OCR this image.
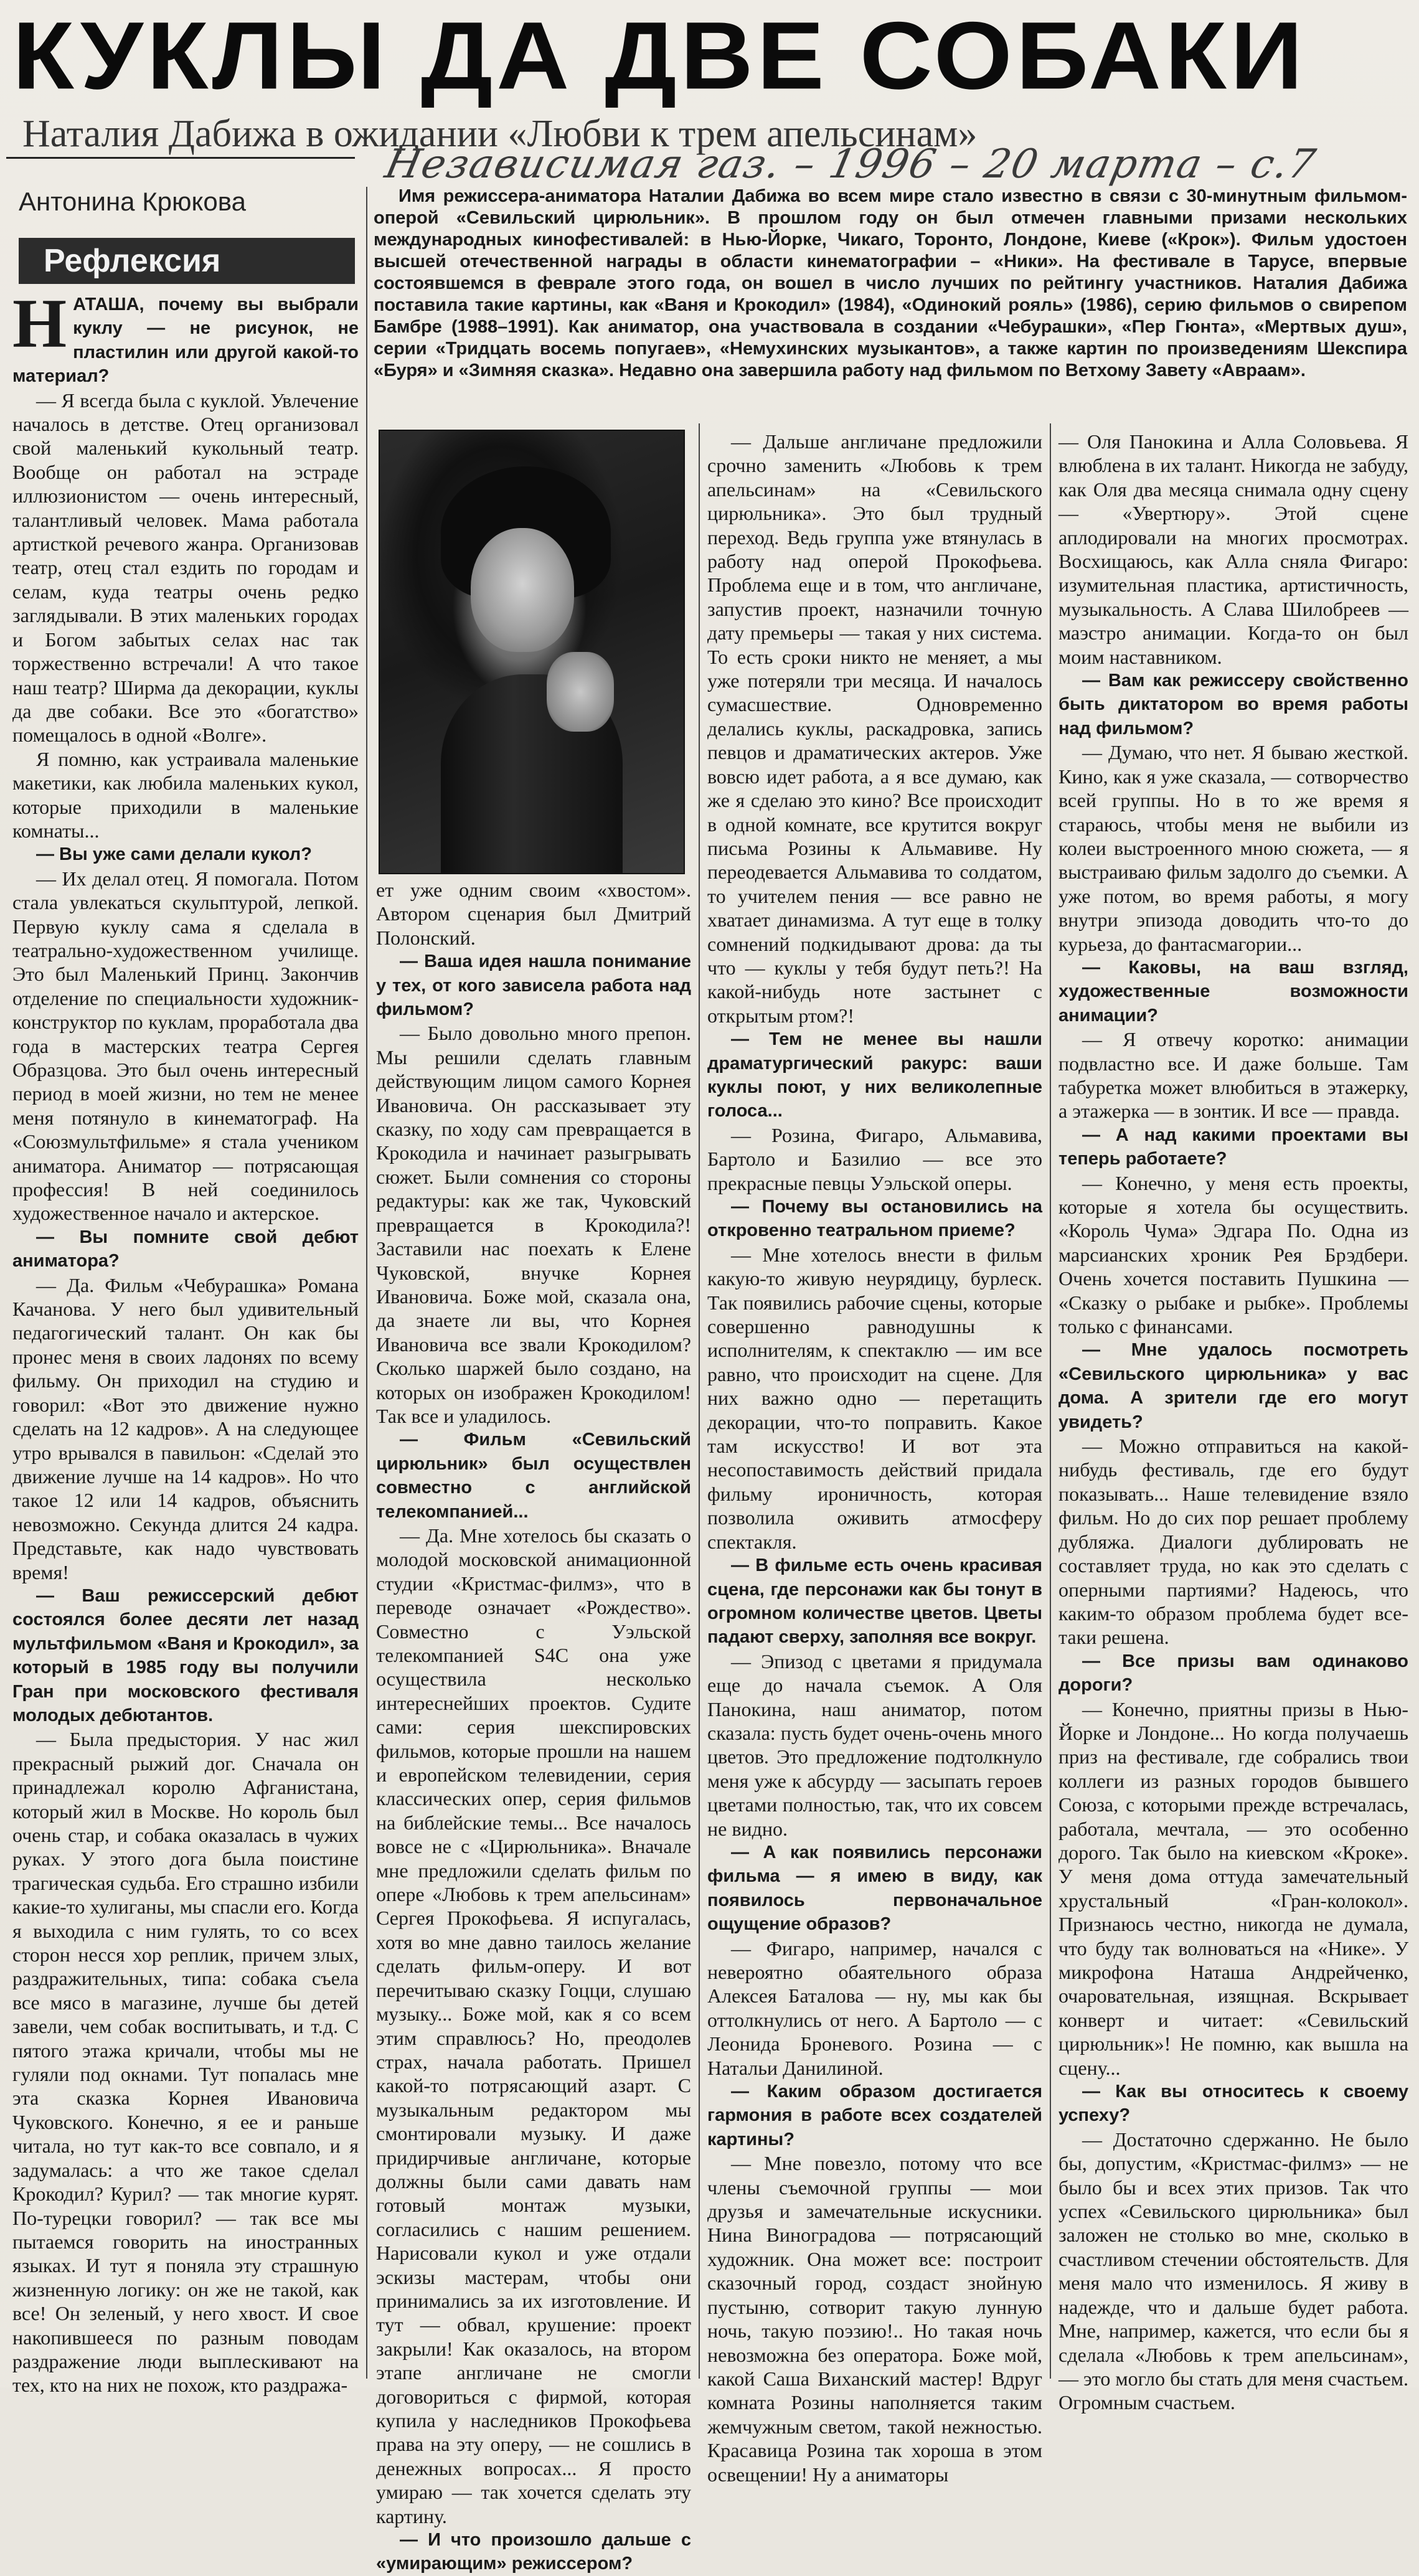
КУКЛЫ ДА ДВЕ СОБАКИ
Наталия Дабижа в ожидании «Любви к трем апельсинам»
Независимая газ. – 1996 – 20 марта – с.7
Антонина Крюкова
Рефлексия
Имя режиссера-аниматора Наталии Дабижа во всем мире стало известно в связи с 30-минутным фильмом-оперой «Севильский цирюльник». В прошлом году он был отмечен главными призами нескольких международных кинофестивалей: в Нью-Йорке, Чикаго, Торонто, Лондоне, Киеве («Крок»). Фильм удостоен высшей отечественной награды в области кинематографии – «Ники». На фестивале в Тарусе, впервые состоявшемся в феврале этого года, он вошел в число лучших по рейтингу участников. Наталия Дабижа поставила такие картины, как «Ваня и Крокодил» (1984), «Одинокий рояль» (1986), серию фильмов о свирепом Бамбре (1988–1991). Как аниматор, она участвовала в создании «Чебурашки», «Пер Гюнта», «Мертвых душ», серии «Тридцать восемь попугаев», «Немухинских музыкантов», а также картин по произведениям Шекспира «Буря» и «Зимняя сказка». Недавно она завершила работу над фильмом по Ветхому Завету «Авраам».

НАТАША, почему вы выбрали куклу — не рисунок, не пластилин или другой какой-то материал?

— Я всегда была с куклой. Увлечение началось в детстве. Отец организовал свой маленький кукольный театр. Вообще он работал на эстраде иллюзионистом — очень интересный, талантливый человек. Мама работала артисткой речевого жанра. Организовав театр, отец стал ездить по городам и селам, куда театры очень редко заглядывали. В этих маленьких городах и Богом забытых селах нас так торжественно встречали! А что такое наш театр? Ширма да декорации, куклы да две собаки. Все это «богатство» помещалось в одной «Волге».

Я помню, как устраивала маленькие макетики, как любила маленьких кукол, которые приходили в маленькие комнаты...

— Вы уже сами делали кукол?

— Их делал отец. Я помогала. Потом стала увлекаться скульптурой, лепкой. Первую куклу сама я сделала в театрально-художественном училище. Это был Маленький Принц. Закончив отделение по специальности художник-конструктор по куклам, проработала два года в мастерских театра Сергея Образцова. Это был очень интересный период в моей жизни, но тем не менее меня потянуло в кинематограф. На «Союзмультфильме» я стала учеником аниматора. Аниматор — потрясающая профессия! В ней соединилось художественное начало и актерское.

— Вы помните свой дебют аниматора?

— Да. Фильм «Чебурашка» Романа Качанова. У него был удивительный педагогический талант. Он как бы пронес меня в своих ладонях по всему фильму. Он приходил на студию и говорил: «Вот это движение нужно сделать на 12 кадров». А на следующее утро врывался в павильон: «Сделай это движение лучше на 14 кадров». Но что такое 12 или 14 кадров, объяснить невозможно. Секунда длится 24 кадра. Представьте, как надо чувствовать время!

— Ваш режиссерский дебют состоялся более десяти лет назад мультфильмом «Ваня и Крокодил», за который в 1985 году вы получили Гран при московского фестиваля молодых дебютантов.

— Была предыстория. У нас жил прекрасный рыжий дог. Сначала он принадлежал королю Афганистана, который жил в Москве. Но король был очень стар, и собака оказалась в чужих руках. У этого дога была поистине трагическая судьба. Его страшно избили какие-то хулиганы, мы спасли его. Когда я выходила с ним гулять, то со всех сторон несся хор реплик, причем злых, раздражительных, типа: собака съела все мясо в магазине, лучше бы детей завели, чем собак воспитывать, и т.д. С пятого этажа кричали, чтобы мы не гуляли под окнами. Тут попалась мне эта сказка Корнея Ивановича Чуковского. Конечно, я ее и раньше читала, но тут как-то все совпало, и я задумалась: а что же такое сделал Крокодил? Курил? — так многие курят. По-турецки говорил? — так все мы пытаемся говорить на иностранных языках. И тут я поняла эту страшную жизненную логику: он же не такой, как все! Он зеленый, у него хвост. И свое накопившееся по разным поводам раздражение люди выплескивают на тех, кто на них не похож, кто раздража-

ет уже одним своим «хвостом». Автором сценария был Дмитрий Полонский.

— Ваша идея нашла понимание у тех, от кого зависела работа над фильмом?

— Было довольно много препон. Мы решили сделать главным действующим лицом самого Корнея Ивановича. Он рассказывает эту сказку, по ходу сам превращается в Крокодила и начинает разыгрывать сюжет. Были сомнения со стороны редактуры: как же так, Чуковский превращается в Крокодила?! Заставили нас поехать к Елене Чуковской, внучке Корнея Ивановича. Боже мой, сказала она, да знаете ли вы, что Корнея Ивановича все звали Крокодилом? Сколько шаржей было создано, на которых он изображен Крокодилом! Так все и уладилось.

— Фильм «Севильский цирюльник» был осуществлен совместно с английской телекомпанией...

— Да. Мне хотелось бы сказать о молодой московской анимационной студии «Кристмас-филмз», что в переводе означает «Рождество». Совместно с Уэльской телекомпанией S4C она уже осуществила несколько интереснейших проектов. Судите сами: серия шекспировских фильмов, которые прошли на нашем и европейском телевидении, серия классических опер, серия фильмов на библейские темы... Все началось вовсе не с «Цирюльника». Вначале мне предложили сделать фильм по опере «Любовь к трем апельсинам» Сергея Прокофьева. Я испугалась, хотя во мне давно таилось желание сделать фильм-оперу. И вот перечитываю сказку Гоцци, слушаю музыку... Боже мой, как я со всем этим справлюсь? Но, преодолев страх, начала работать. Пришел какой-то потрясающий азарт. С музыкальным редактором мы смонтировали музыку. И даже придирчивые англичане, которые должны были сами давать нам готовый монтаж музыки, согласились с нашим решением. Нарисовали кукол и уже отдали эскизы мастерам, чтобы они принимались за их изготовление. И тут — обвал, крушение: проект закрыли! Как оказалось, на втором этапе англичане не смогли договориться с фирмой, которая купила у наследников Прокофьева права на эту оперу, — не сошлись в денежных вопросах... Я просто умираю — так хочется сделать эту картину.

— И что произошло дальше с «умирающим» режиссером?

— Дальше англичане предложили срочно заменить «Любовь к трем апельсинам» на «Севильского цирюльника». Это был трудный переход. Ведь группа уже втянулась в работу над оперой Прокофьева. Проблема еще и в том, что англичане, запустив проект, назначили точную дату премьеры — такая у них система. То есть сроки никто не меняет, а мы уже потеряли три месяца. И началось сумасшествие. Одновременно делались куклы, раскадровка, запись певцов и драматических актеров. Уже вовсю идет работа, а я все думаю, как же я сделаю это кино? Все происходит в одной комнате, все крутится вокруг письма Розины к Альмавиве. Ну переодевается Альмавива то солдатом, то учителем пения — все равно не хватает динамизма. А тут еще в толку сомнений подкидывают дрова: да ты что — куклы у тебя будут петь?! На какой-нибудь ноте застынет с открытым ртом?!

— Тем не менее вы нашли драматургический ракурс: ваши куклы поют, у них великолепные голоса...

— Розина, Фигаро, Альмавива, Бартоло и Базилио — все это прекрасные певцы Уэльской оперы.

— Почему вы остановились на откровенно театральном приеме?

— Мне хотелось внести в фильм какую-то живую неурядицу, бурлеск. Так появились рабочие сцены, которые совершенно равнодушны к исполнителям, к спектаклю — им все равно, что происходит на сцене. Для них важно одно — перетащить декорации, что-то поправить. Какое там искусство! И вот эта несопоставимость действий придала фильму ироничность, которая позволила оживить атмосферу спектакля.

— В фильме есть очень красивая сцена, где персонажи как бы тонут в огромном количестве цветов. Цветы падают сверху, заполняя все вокруг.

— Эпизод с цветами я придумала еще до начала съемок. А Оля Панокина, наш аниматор, потом сказала: пусть будет очень-очень много цветов. Это предложение подтолкнуло меня уже к абсурду — засыпать героев цветами полностью, так, что их совсем не видно.

— А как появились персонажи фильма — я имею в виду, как появилось первоначальное ощущение образов?

— Фигаро, например, начался с невероятно обаятельного образа Алексея Баталова — ну, мы как бы оттолкнулись от него. А Бартоло — с Леонида Броневого. Розина — с Натальи Данилиной.

— Каким образом достигается гармония в работе всех создателей картины?

— Мне повезло, потому что все члены съемочной группы — мои друзья и замечательные искусники. Нина Виноградова — потрясающий художник. Она может все: построит сказочный город, создаст знойную пустыню, сотворит такую лунную ночь, такую поэзию!.. Но такая ночь невозможна без оператора. Боже мой, какой Саша Виханский мастер! Вдруг комната Розины наполняется таким жемчужным светом, такой нежностью. Красавица Розина так хороша в этом освещении! Ну а аниматоры

— Оля Панокина и Алла Соловьева. Я влюблена в их талант. Никогда не забуду, как Оля два месяца снимала одну сцену — «Увертюру». Этой сцене аплодировали на многих просмотрах. Восхищаюсь, как Алла сняла Фигаро: изумительная пластика, артистичность, музыкальность. А Слава Шилобреев — маэстро анимации. Когда-то он был моим наставником.

— Вам как режиссеру свойственно быть диктатором во время работы над фильмом?

— Думаю, что нет. Я бываю жесткой. Кино, как я уже сказала, — сотворчество всей группы. Но в то же время я стараюсь, чтобы меня не выбили из колеи выстроенного мною сюжета, — я выстраиваю фильм задолго до съемки. А уже потом, во время работы, я могу внутри эпизода доводить что-то до курьеза, до фантасмагории...

— Каковы, на ваш взгляд, художественные возможности анимации?

— Я отвечу коротко: анимации подвластно все. И даже больше. Там табуретка может влюбиться в этажерку, а этажерка — в зонтик. И все — правда.

— А над какими проектами вы теперь работаете?

— Конечно, у меня есть проекты, которые я хотела бы осуществить. «Король Чума» Эдгара По. Одна из марсианских хроник Рея Брэдбери. Очень хочется поставить Пушкина — «Сказку о рыбаке и рыбке». Проблемы только с финансами.

— Мне удалось посмотреть «Севильского цирюльника» у вас дома. А зрители где его могут увидеть?

— Можно отправиться на какой-нибудь фестиваль, где его будут показывать... Наше телевидение взяло фильм. Но до сих пор решает проблему дубляжа. Диалоги дублировать не составляет труда, но как это сделать с оперными партиями? Надеюсь, что каким-то образом проблема будет все-таки решена.

— Все призы вам одинаково дороги?

— Конечно, приятны призы в Нью-Йорке и Лондоне... Но когда получаешь приз на фестивале, где собрались твои коллеги из разных городов бывшего Союза, с которыми прежде встречалась, работала, мечтала, — это особенно дорого. Так было на киевском «Кроке». У меня дома оттуда замечательный хрустальный «Гран-колокол». Признаюсь честно, никогда не думала, что буду так волноваться на «Нике». У микрофона Наташа Андрейченко, очаровательная, изящная. Вскрывает конверт и читает: «Севильский цирюльник»! Не помню, как вышла на сцену...

— Как вы относитесь к своему успеху?

— Достаточно сдержанно. Не было бы, допустим, «Кристмас-филмз» — не было бы и всех этих призов. Так что успех «Севильского цирюльника» был заложен не столько во мне, сколько в счастливом стечении обстоятельств. Для меня мало что изменилось. Я живу в надежде, что и дальше будет работа. Мне, например, кажется, что если бы я сделала «Любовь к трем апельсинам», — это могло бы стать для меня счастьем. Огромным счастьем.
